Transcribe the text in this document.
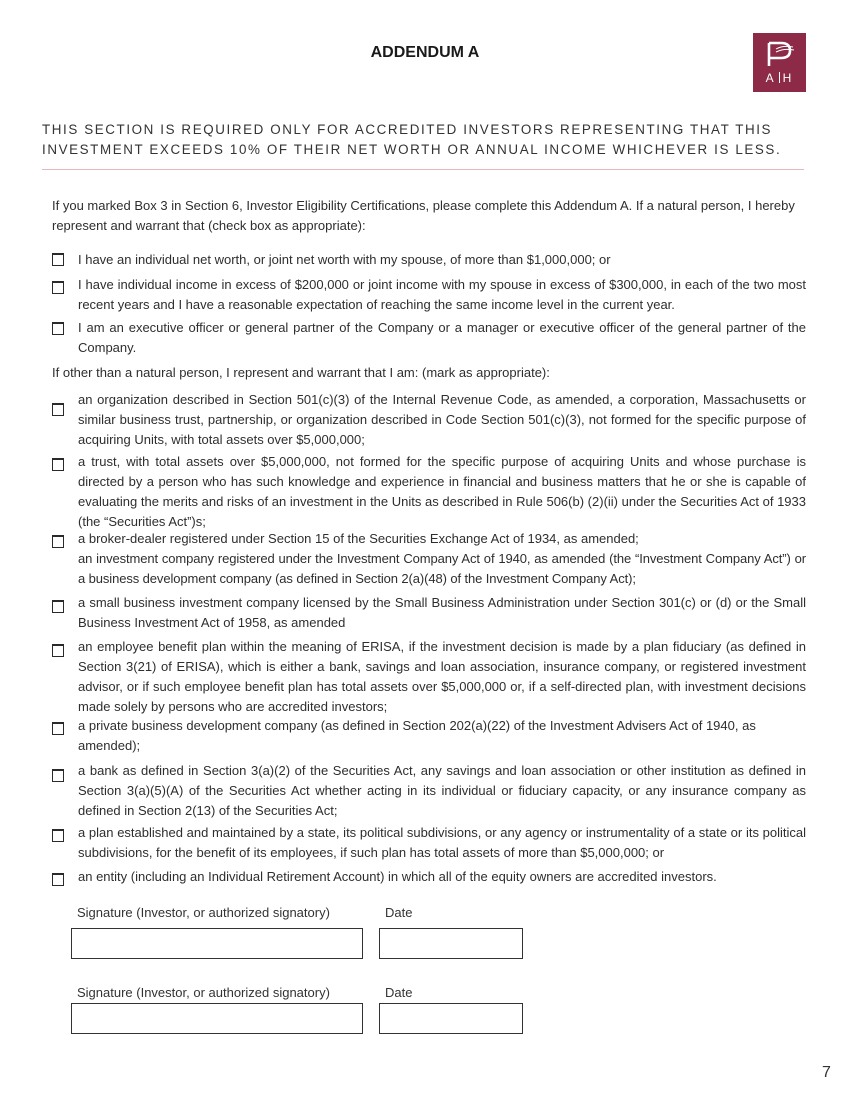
ADDENDUM A
A H

THIS SECTION IS REQUIRED ONLY FOR ACCREDITED INVESTORS REPRESENTING THAT THIS INVESTMENT EXCEEDS 10% OF THEIR NET WORTH OR ANNUAL INCOME WHICHEVER IS LESS.

If you marked Box 3 in Section 6, Investor Eligibility Certifications, please complete this Addendum A. If a natural person, I hereby represent and warrant that (check box as appropriate):

I have an individual net worth, or joint net worth with my spouse, of more than $1,000,000; or

I have individual income in excess of $200,000 or joint income with my spouse in excess of $300,000, in each of the two most recent years and I have a reasonable expectation of reaching the same income level in the current year.

I am an executive officer or general partner of the Company or a manager or executive officer of the general partner of the Company.

If other than a natural person, I represent and warrant that I am: (mark as appropriate):

an organization described in Section 501(c)(3) of the Internal Revenue Code, as amended, a corporation, Massachusetts or similar business trust, partnership, or organization described in Code Section 501(c)(3), not formed for the specific purpose of acquiring Units, with total assets over $5,000,000;

a trust, with total assets over $5,000,000, not formed for the specific purpose of acquiring Units and whose purchase is directed by a person who has such knowledge and experience in financial and business matters that he or she is capable of evaluating the merits and risks of an investment in the Units as described in Rule 506(b) (2)(ii) under the Securities Act of 1933 (the “Securities Act”)s;

a broker-dealer registered under Section 15 of the Securities Exchange Act of 1934, as amended;

an investment company registered under the Investment Company Act of 1940, as amended (the “Investment Company Act”) or a business development company (as defined in Section 2(a)(48) of the Investment Company Act);

a small business investment company licensed by the Small Business Administration under Section 301(c) or (d) or the Small Business Investment Act of 1958, as amended

an employee benefit plan within the meaning of ERISA, if the investment decision is made by a plan fiduciary (as defined in Section 3(21) of ERISA), which is either a bank, savings and loan association, insurance company, or registered investment advisor, or if such employee benefit plan has total assets over $5,000,000 or, if a self-directed plan, with investment decisions made solely by persons who are accredited investors;

a private business development company (as defined in Section 202(a)(22) of the Investment Advisers Act of 1940, as amended);

a bank as defined in Section 3(a)(2) of the Securities Act, any savings and loan association or other institution as defined in Section 3(a)(5)(A) of the Securities Act whether acting in its individual or fiduciary capacity, or any insurance company as defined in Section 2(13) of the Securities Act;

a plan established and maintained by a state, its political subdivisions, or any agency or instrumentality of a state or its political subdivisions, for the benefit of its employees, if such plan has total assets of more than $5,000,000; or

an entity (including an Individual Retirement Account) in which all of the equity owners are accredited investors.

Signature (Investor, or authorized signatory)	Date

Signature (Investor, or authorized signatory)	Date

7
